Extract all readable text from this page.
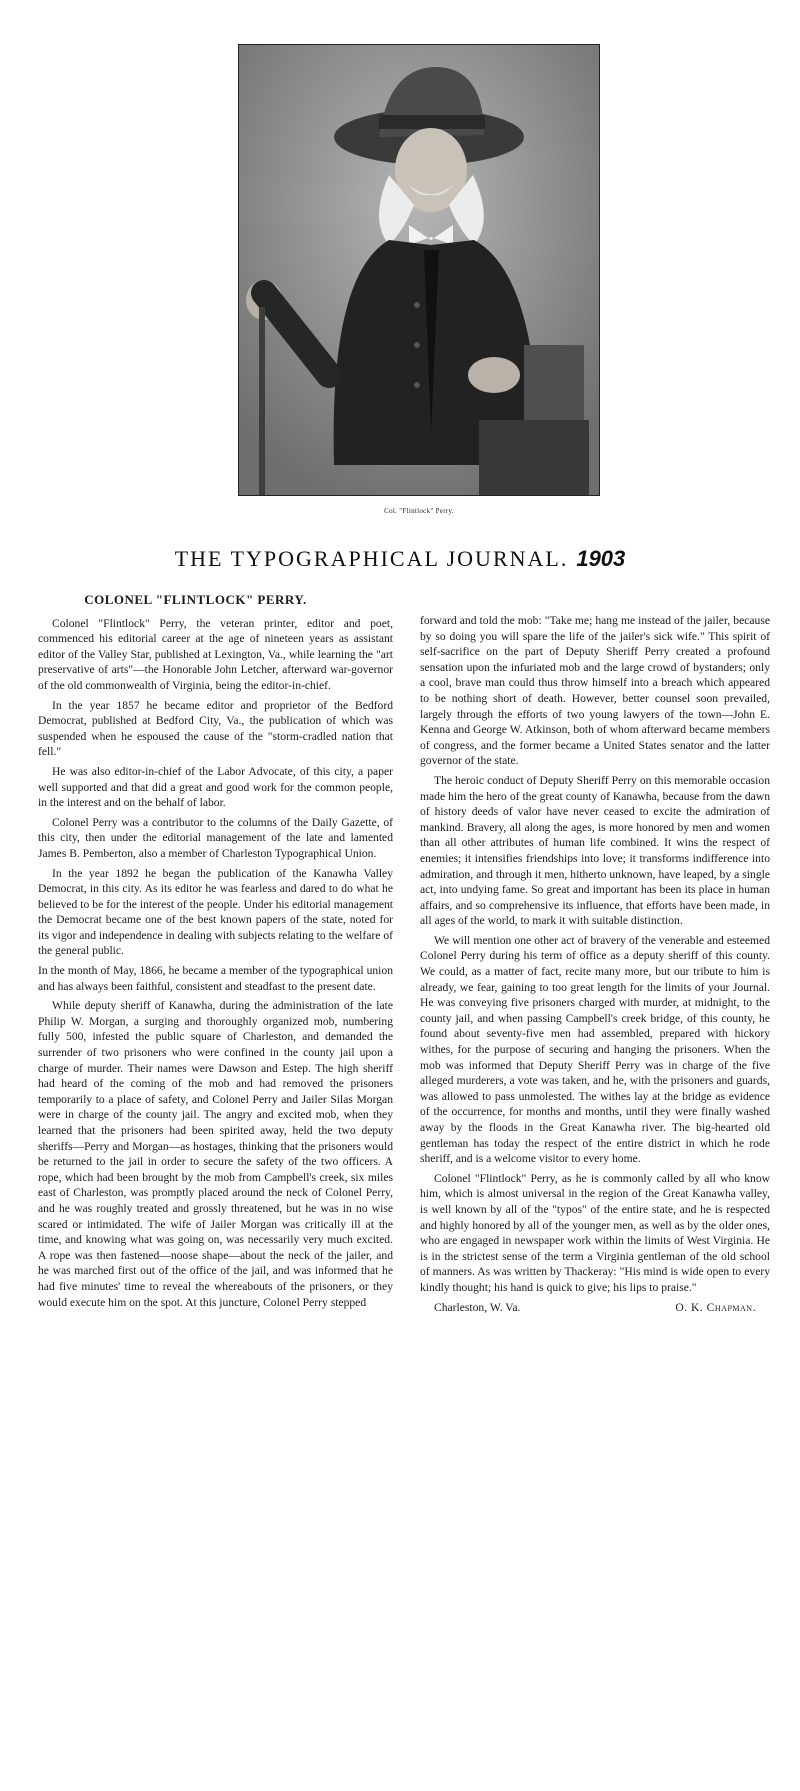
Col. "Flintlock" Perry.
THE TYPOGRAPHICAL JOURNAL. 1903
COLONEL "FLINTLOCK" PERRY.

Colonel "Flintlock" Perry, the veteran printer, editor and poet, commenced his editorial career at the age of nineteen years as assistant editor of the Valley Star, published at Lexington, Va., while learning the "art preservative of arts"—the Honorable John Letcher, afterward war-governor of the old commonwealth of Virginia, being the editor-in-chief.

In the year 1857 he became editor and proprietor of the Bedford Democrat, published at Bedford City, Va., the publication of which was suspended when he espoused the cause of the "storm-cradled nation that fell."

He was also editor-in-chief of the Labor Advocate, of this city, a paper well supported and that did a great and good work for the common people, in the interest and on the behalf of labor.

Colonel Perry was a contributor to the columns of the Daily Gazette, of this city, then under the editorial management of the late and lamented James B. Pemberton, also a member of Charleston Typographical Union.

In the year 1892 he began the publication of the Kanawha Valley Democrat, in this city. As its editor he was fearless and dared to do what he believed to be for the interest of the people. Under his editorial management the Democrat became one of the best known papers of the state, noted for its vigor and independence in dealing with subjects relating to the welfare of the general public.

In the month of May, 1866, he became a member of the typographical union and has always been faithful, consistent and steadfast to the present date.

While deputy sheriff of Kanawha, during the administration of the late Philip W. Morgan, a surging and thoroughly organized mob, numbering fully 500, infested the public square of Charleston, and demanded the surrender of two prisoners who were confined in the county jail upon a charge of murder. Their names were Dawson and Estep. The high sheriff had heard of the coming of the mob and had removed the prisoners temporarily to a place of safety, and Colonel Perry and Jailer Silas Morgan were in charge of the county jail. The angry and excited mob, when they learned that the prisoners had been spirited away, held the two deputy sheriffs—Perry and Morgan—as hostages, thinking that the prisoners would be returned to the jail in order to secure the safety of the two officers. A rope, which had been brought by the mob from Campbell's creek, six miles east of Charleston, was promptly placed around the neck of Colonel Perry, and he was roughly treated and grossly threatened, but he was in no wise scared or intimidated. The wife of Jailer Morgan was critically ill at the time, and knowing what was going on, was necessarily very much excited. A rope was then fastened—noose shape—about the neck of the jailer, and he was marched first out of the office of the jail, and was informed that he had five minutes' time to reveal the whereabouts of the prisoners, or they would execute him on the spot. At this juncture, Colonel Perry stepped

forward and told the mob: "Take me; hang me instead of the jailer, because by so doing you will spare the life of the jailer's sick wife." This spirit of self-sacrifice on the part of Deputy Sheriff Perry created a profound sensation upon the infuriated mob and the large crowd of bystanders; only a cool, brave man could thus throw himself into a breach which appeared to be nothing short of death. However, better counsel soon prevailed, largely through the efforts of two young lawyers of the town—John E. Kenna and George W. Atkinson, both of whom afterward became members of congress, and the former became a United States senator and the latter governor of the state.

The heroic conduct of Deputy Sheriff Perry on this memorable occasion made him the hero of the great county of Kanawha, because from the dawn of history deeds of valor have never ceased to excite the admiration of mankind. Bravery, all along the ages, is more honored by men and women than all other attributes of human life combined. It wins the respect of enemies; it intensifies friendships into love; it transforms indifference into admiration, and through it men, hitherto unknown, have leaped, by a single act, into undying fame. So great and important has been its place in human affairs, and so comprehensive its influence, that efforts have been made, in all ages of the world, to mark it with suitable distinction.

We will mention one other act of bravery of the venerable and esteemed Colonel Perry during his term of office as a deputy sheriff of this county. We could, as a matter of fact, recite many more, but our tribute to him is already, we fear, gaining to too great length for the limits of your Journal. He was conveying five prisoners charged with murder, at midnight, to the county jail, and when passing Campbell's creek bridge, of this county, he found about seventy-five men had assembled, prepared with hickory withes, for the purpose of securing and hanging the prisoners. When the mob was informed that Deputy Sheriff Perry was in charge of the five alleged murderers, a vote was taken, and he, with the prisoners and guards, was allowed to pass unmolested. The withes lay at the bridge as evidence of the occurrence, for months and months, until they were finally washed away by the floods in the Great Kanawha river. The big-hearted old gentleman has today the respect of the entire district in which he rode sheriff, and is a welcome visitor to every home.

Colonel "Flintlock" Perry, as he is commonly called by all who know him, which is almost universal in the region of the Great Kanawha valley, is well known by all of the "typos" of the entire state, and he is respected and highly honored by all of the younger men, as well as by the older ones, who are engaged in newspaper work within the limits of West Virginia. He is in the strictest sense of the term a Virginia gentleman of the old school of manners. As was written by Thackeray: "His mind is wide open to every kindly thought; his hand is quick to give; his lips to praise."

Charleston, W. Va.	O. K. Chapman.
